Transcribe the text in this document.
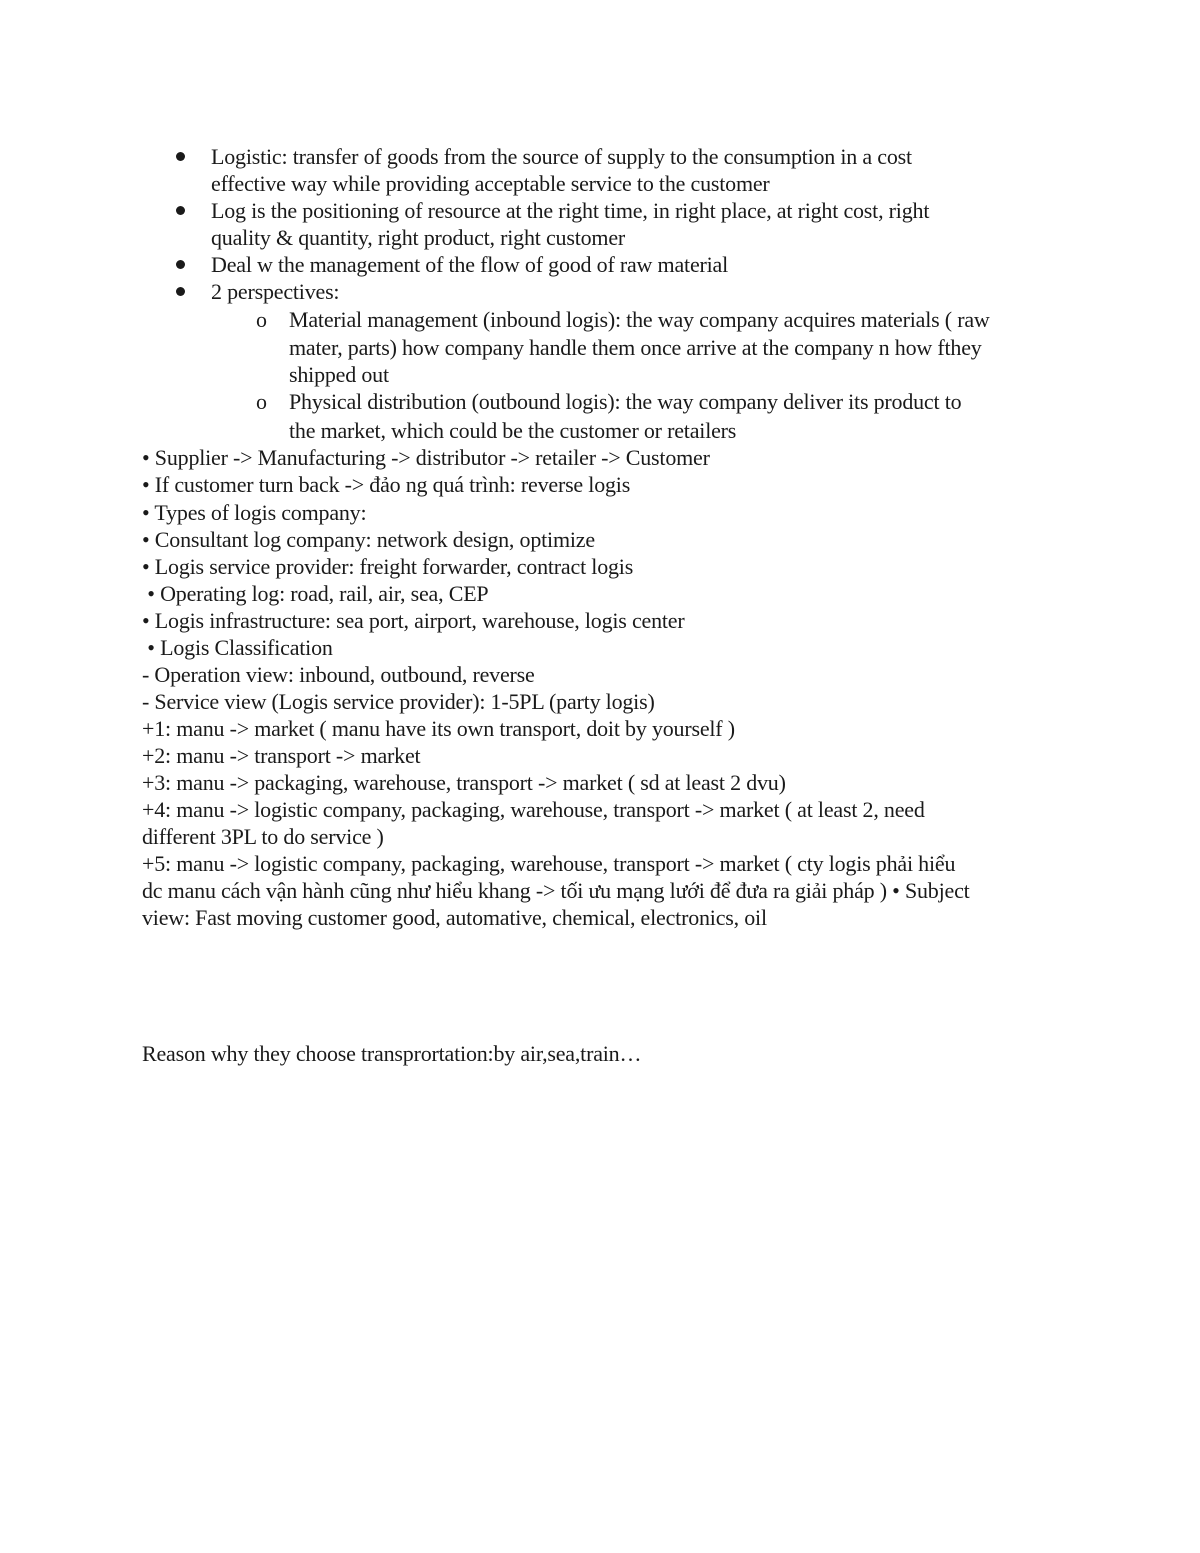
Logistic: transfer of goods from the source of supply to the consumption in a cost
effective way while providing acceptable service to the customer
Log is the positioning of resource at the right time, in right place, at right cost, right
quality & quantity, right product, right customer
Deal w the management of the flow of good of raw material
2 perspectives:
o Material management (inbound logis): the way company acquires materials ( raw
mater, parts) how company handle them once arrive at the company n how fthey
shipped out
o Physical distribution (outbound logis): the way company deliver its product to
the market, which could be the customer or retailers
• Supplier -> Manufacturing -> distributor -> retailer -> Customer
• If customer turn back -> đảo ng quá trình: reverse logis
• Types of logis company:
• Consultant log company: network design, optimize
• Logis service provider: freight forwarder, contract logis
• Operating log: road, rail, air, sea, CEP
• Logis infrastructure: sea port, airport, warehouse, logis center
• Logis Classification
- Operation view: inbound, outbound, reverse
- Service view (Logis service provider): 1-5PL (party logis)
+1: manu -> market ( manu have its own transport, doit by yourself )
+2: manu -> transport -> market
+3: manu -> packaging, warehouse, transport -> market ( sd at least 2 dvu)
+4: manu -> logistic company, packaging, warehouse, transport -> market ( at least 2, need
different 3PL to do service )
+5: manu -> logistic company, packaging, warehouse, transport -> market ( cty logis phải hiểu
dc manu cách vận hành cũng như hiểu khang -> tối ưu mạng lưới để đưa ra giải pháp ) • Subject
view: Fast moving customer good, automative, chemical, electronics, oil
Reason why they choose transprortation:by air,sea,train…
